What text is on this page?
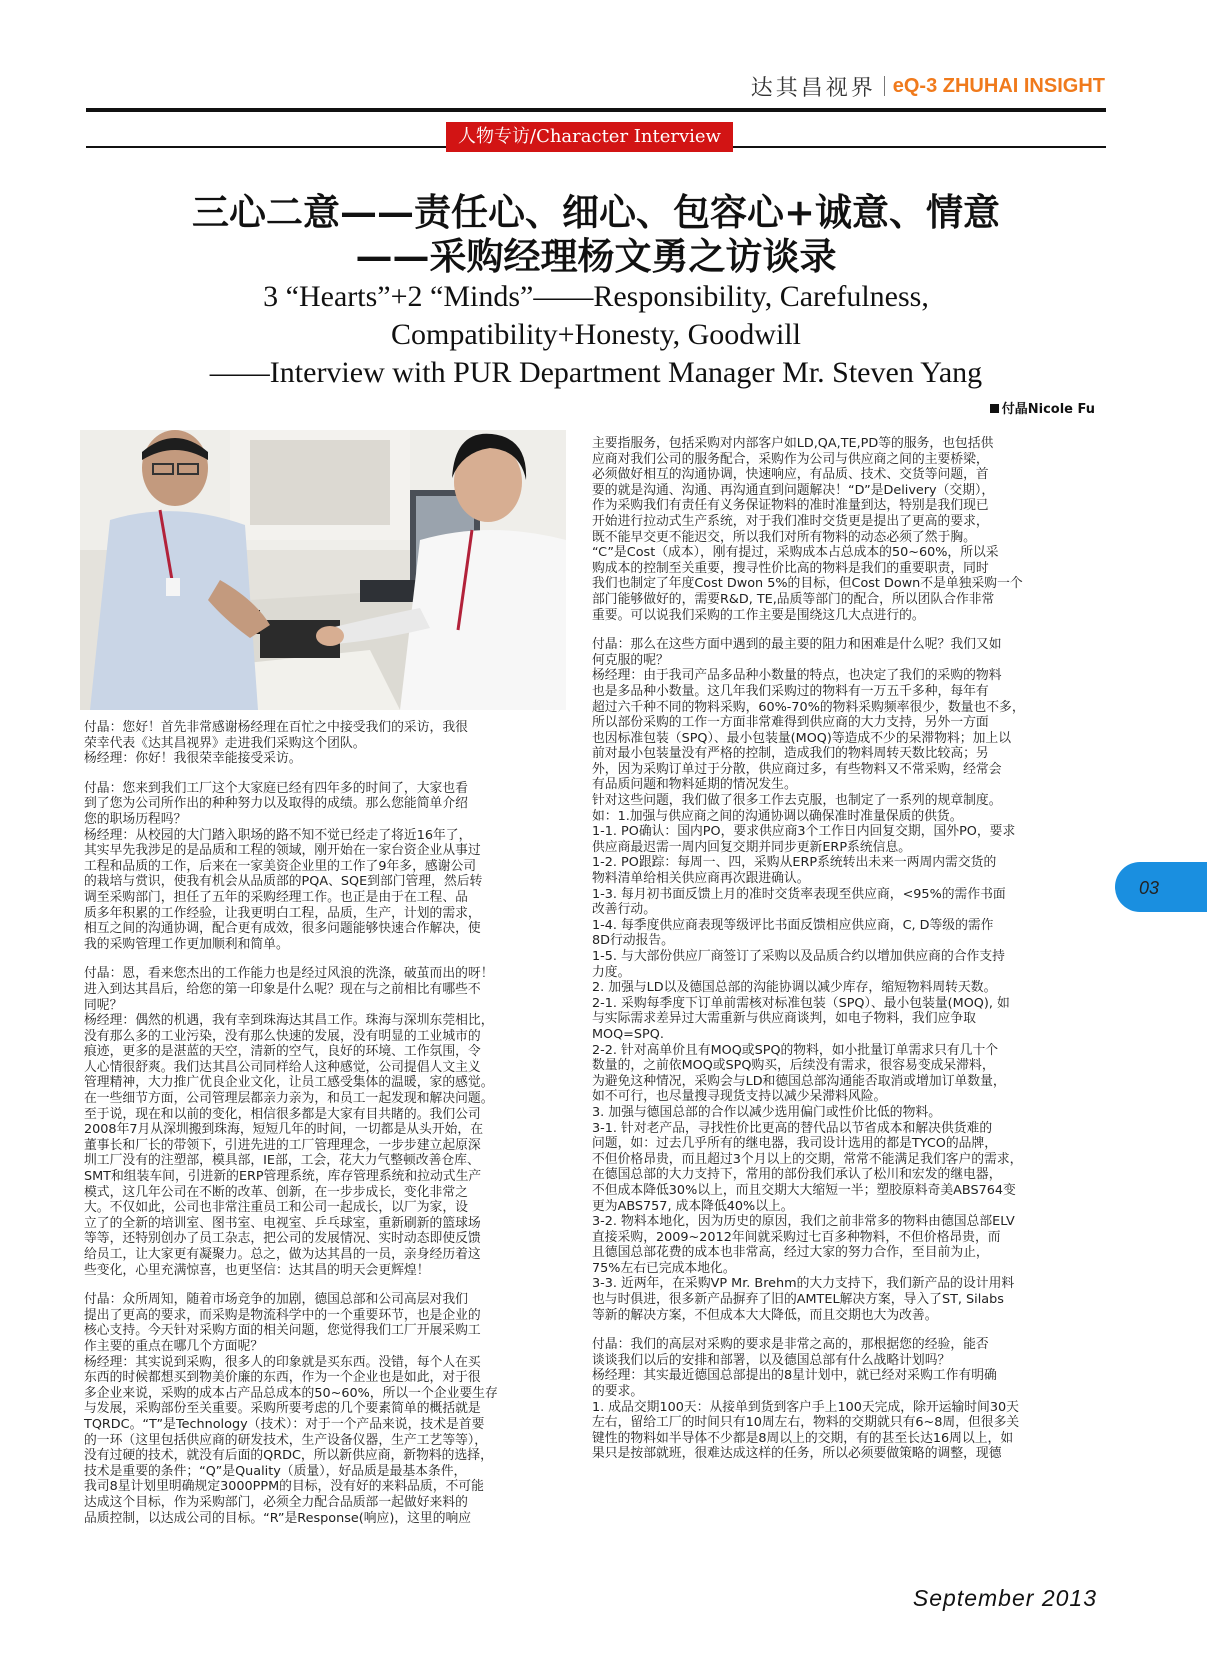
达其昌视界 eQ-3 ZHUHAI INSIGHT
人物专访/Character Interview

三心二意——责任心、细心、包容心+诚意、情意

——采购经理杨文勇之访谈录

3 “Hearts”+2 “Minds”——Responsibility, Carefulness,

Compatibility+Honesty, Goodwill

——Interview with PUR Department Manager Mr. Steven Yang

付晶Nicole Fu

付晶：您好！首先非常感谢杨经理在百忙之中接受我们的采访，我很
荣幸代表《达其昌视界》走进我们采购这个团队。
杨经理：你好！我很荣幸能接受采访。

付晶：您来到我们工厂这个大家庭已经有四年多的时间了，大家也看
到了您为公司所作出的种种努力以及取得的成绩。那么您能简单介绍
您的职场历程吗？
杨经理：从校园的大门踏入职场的路不知不觉已经走了将近16年了，
其实早先我涉足的是品质和工程的领域，刚开始在一家台资企业从事过
工程和品质的工作，后来在一家美资企业里的工作了9年多，感谢公司
的栽培与赏识，使我有机会从品质部的PQA、SQE到部门管理，然后转
调至采购部门，担任了五年的采购经理工作。也正是由于在工程、品
质多年积累的工作经验，让我更明白工程，品质，生产，计划的需求，
相互之间的沟通协调，配合更有成效，很多问题能够快速合作解决，使
我的采购管理工作更加顺利和简单。

付晶：恩，看来您杰出的工作能力也是经过风浪的洗涤，破茧而出的呀！
进入到达其昌后，给您的第一印象是什么呢？现在与之前相比有哪些不
同呢？
杨经理：偶然的机遇，我有幸到珠海达其昌工作。珠海与深圳东莞相比，
没有那么多的工业污染，没有那么快速的发展，没有明显的工业城市的
痕迹，更多的是湛蓝的天空，清新的空气，良好的环境、工作氛围，令
人心情很舒爽。我们达其昌公司同样给人这种感觉，公司提倡人文主义
管理精神，大力推广优良企业文化，让员工感受集体的温暖，家的感觉。
在一些细节方面，公司管理层都亲力亲为，和员工一起发现和解决问题。
至于说，现在和以前的变化，相信很多都是大家有目共睹的。我们公司
2008年7月从深圳搬到珠海，短短几年的时间，一切都是从头开始，在
董事长和厂长的带领下，引进先进的工厂管理理念，一步步建立起原深
圳工厂没有的注塑部，模具部，IE部，工会，花大力气整顿改善仓库、
SMT和组装车间，引进新的ERP管理系统，库存管理系统和拉动式生产
模式，这几年公司在不断的改革、创新，在一步步成长，变化非常之
大。不仅如此，公司也非常注重员工和公司一起成长，以厂为家，设
立了的全新的培训室、图书室、电视室、乒乓球室，重新刷新的篮球场
等等，还特别创办了员工杂志，把公司的发展情况、实时动态即使反馈
给员工，让大家更有凝聚力。总之，做为达其昌的一员，亲身经历着这
些变化，心里充满惊喜，也更坚信：达其昌的明天会更辉煌！

付晶：众所周知，随着市场竞争的加剧，德国总部和公司高层对我们
提出了更高的要求，而采购是物流科学中的一个重要环节，也是企业的
核心支持。今天针对采购方面的相关问题，您觉得我们工厂开展采购工
作主要的重点在哪几个方面呢？
杨经理：其实说到采购，很多人的印象就是买东西。没错，每个人在买
东西的时候都想买到物美价廉的东西，作为一个企业也是如此，对于很
多企业来说，采购的成本占产品总成本的50~60%，所以一个企业要生存
与发展，采购部份至关重要。采购所要考虑的几个要素简单的概括就是
TQRDC。“T”是Technology（技术）：对于一个产品来说，技术是首要
的一环（这里包括供应商的研发技术，生产设备仪器，生产工艺等等），
没有过硬的技术，就没有后面的QRDC，所以新供应商，新物料的选择，
技术是重要的条件；“Q”是Quality（质量），好品质是最基本条件，
我司8星计划里明确规定3000PPM的目标，没有好的来料品质，不可能
达成这个目标，作为采购部门，必须全力配合品质部一起做好来料的
品质控制，以达成公司的目标。“R”是Response(响应)，这里的响应

主要指服务，包括采购对内部客户如LD,QA,TE,PD等的服务，也包括供
应商对我们公司的服务配合，采购作为公司与供应商之间的主要桥梁，
必须做好相互的沟通协调，快速响应，有品质、技术、交货等问题，首
要的就是沟通、沟通、再沟通直到问题解决！“D”是Delivery（交期），
作为采购我们有责任有义务保证物料的准时准量到达，特别是我们现已
开始进行拉动式生产系统，对于我们准时交货更是提出了更高的要求，
既不能早交更不能迟交，所以我们对所有物料的动态必须了然于胸。
“C”是Cost（成本），刚有提过，采购成本占总成本的50~60%，所以采
购成本的控制至关重要，搜寻性价比高的物料是我们的重要职责，同时
我们也制定了年度Cost Dwon 5%的目标，但Cost Down不是单独采购一个
部门能够做好的，需要R&D, TE,品质等部门的配合，所以团队合作非常
重要。可以说我们采购的工作主要是围绕这几大点进行的。

付晶：那么在这些方面中遇到的最主要的阻力和困难是什么呢？我们又如
何克服的呢？
杨经理：由于我司产品多品种小数量的特点，也决定了我们的采购的物料
也是多品种小数量。这几年我们采购过的物料有一万五千多种，每年有
超过六千种不同的物料采购，60%-70%的物料采购频率很少，数量也不多，
所以部份采购的工作一方面非常难得到供应商的大力支持，另外一方面
也因标准包装（SPQ）、最小包装量(MOQ)等造成不少的呆滞物料；加上以
前对最小包装量没有严格的控制，造成我们的物料周转天数比较高；另
外，因为采购订单过于分散，供应商过多，有些物料又不常采购，经常会
有品质问题和物料延期的情况发生。
针对这些问题，我们做了很多工作去克服，也制定了一系列的规章制度。
如：1.加强与供应商之间的沟通协调以确保准时准量保质的供货。
1-1. PO确认：国内PO，要求供应商3个工作日内回复交期，国外PO，要求
供应商最迟需一周内回复交期并同步更新ERP系统信息。
1-2. PO跟踪：每周一、四，采购从ERP系统转出未来一两周内需交货的
物料清单给相关供应商再次跟进确认。
1-3. 每月初书面反馈上月的准时交货率表现至供应商，<95%的需作书面
改善行动。
1-4. 每季度供应商表现等级评比书面反馈相应供应商，C, D等级的需作
8D行动报告。
1-5. 与大部份供应厂商签订了采购以及品质合约以增加供应商的合作支持
力度。
2. 加强与LD以及德国总部的沟能协调以减少库存，缩短物料周转天数。
2-1. 采购每季度下订单前需核对标准包装（SPQ）、最小包装量(MOQ), 如
与实际需求差异过大需重新与供应商谈判，如电子物料，我们应争取
MOQ=SPQ.
2-2. 针对高单价且有MOQ或SPQ的物料，如小批量订单需求只有几十个
数量的，之前依MOQ或SPQ购买，后续没有需求，很容易变成呆滞料，
为避免这种情况，采购会与LD和德国总部沟通能否取消或增加订单数量，
如不可行，也尽量搜寻现货支持以减少呆滞料风险。
3. 加强与德国总部的合作以减少选用偏门或性价比低的物料。
3-1. 针对老产品，寻找性价比更高的替代品以节省成本和解决供货难的
问题，如：过去几乎所有的继电器，我司设计选用的都是TYCO的品牌，
不但价格昂贵，而且超过3个月以上的交期，常常不能满足我们客户的需求，
在德国总部的大力支持下，常用的部份我们承认了松川和宏发的继电器，
不但成本降低30%以上，而且交期大大缩短一半；塑胶原料奇美ABS764变
更为ABS757, 成本降低40%以上。
3-2. 物料本地化，因为历史的原因，我们之前非常多的物料由德国总部ELV
直接采购，2009~2012年间就采购过七百多种物料，不但价格昂贵，而
且德国总部花费的成本也非常高，经过大家的努力合作，至目前为止，
75%左右已完成本地化。
3-3. 近两年，在采购VP Mr. Brehm的大力支持下，我们新产品的设计用料
也与时俱进，很多新产品摒弃了旧的AMTEL解决方案，导入了ST, Silabs
等新的解决方案，不但成本大大降低，而且交期也大为改善。

付晶：我们的高层对采购的要求是非常之高的，那根据您的经验，能否
谈谈我们以后的安排和部署，以及德国总部有什么战略计划吗？
杨经理：其实最近德国总部提出的8星计划中，就已经对采购工作有明确
的要求。
1. 成品交期100天：从接单到货到客户手上100天完成，除开运输时间30天
左右，留给工厂的时间只有10周左右，物料的交期就只有6~8周，但很多关
键性的物料如半导体不少都是8周以上的交期，有的甚至长达16周以上，如
果只是按部就班，很难达成这样的任务，所以必须要做策略的调整，现德

03
September 2013
